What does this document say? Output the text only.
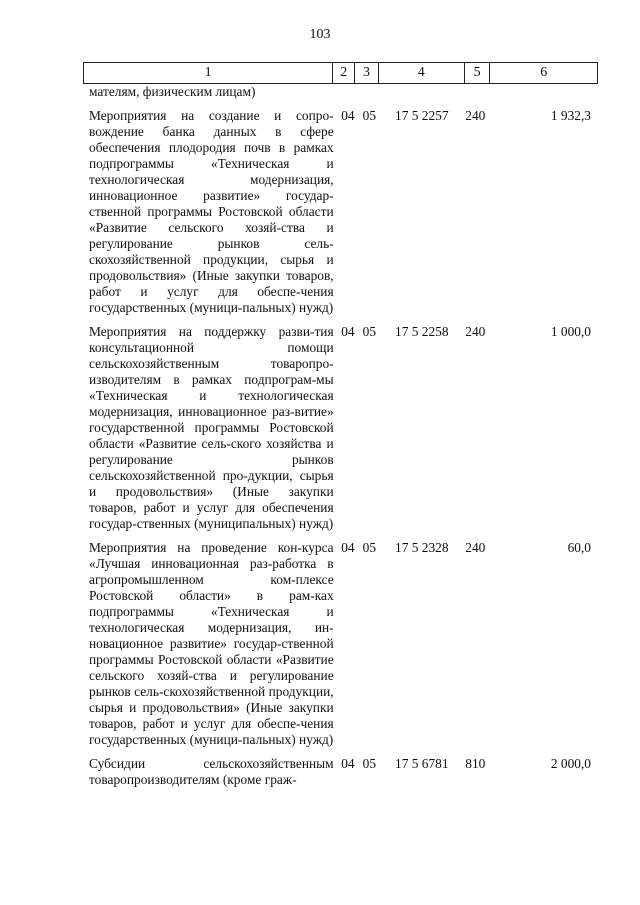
103
1	2	3	4	5	6
мателям, физическим лицам)					

Мероприятия на создание и сопро-вождение банка данных в сфере обеспечения плодородия почв в рамках подпрограммы «Техническая и технологическая модернизация, инновационное развитие» государ-ственной программы Ростовской области «Развитие сельского хозяй-ства и регулирование рынков сель-скохозяйственной продукции, сырья и продовольствия» (Иные закупки товаров, работ и услуг для обеспе-чения государственных (муници-пальных) нужд)	04	05	17 5 2257	240	1 932,3

Мероприятия на поддержку разви-тия консультационной помощи сельскохозяйственным товаропро-изводителям в рамках подпрограм-мы «Техническая и технологическая модернизация, инновационное раз-витие» государственной программы Ростовской области «Развитие сель-ского хозяйства и регулирование рынков сельскохозяйственной про-дукции, сырья и продовольствия» (Иные закупки товаров, работ и услуг для обеспечения государ-ственных (муниципальных) нужд)	04	05	17 5 2258	240	1 000,0

Мероприятия на проведение кон-курса «Лучшая инновационная раз-работка в агропромышленном ком-плексе Ростовской области» в рам-ках подпрограммы «Техническая и технологическая модернизация, ин-новационное развитие» государ-ственной программы Ростовской области «Развитие сельского хозяй-ства и регулирование рынков сель-скохозяйственной продукции, сырья и продовольствия» (Иные закупки товаров, работ и услуг для обеспе-чения государственных (муници-пальных) нужд)	04	05	17 5 2328	240	60,0

Субсидии сельскохозяйственным товаропроизводителям (кроме граж-	04	05	17 5 6781	810	2 000,0
